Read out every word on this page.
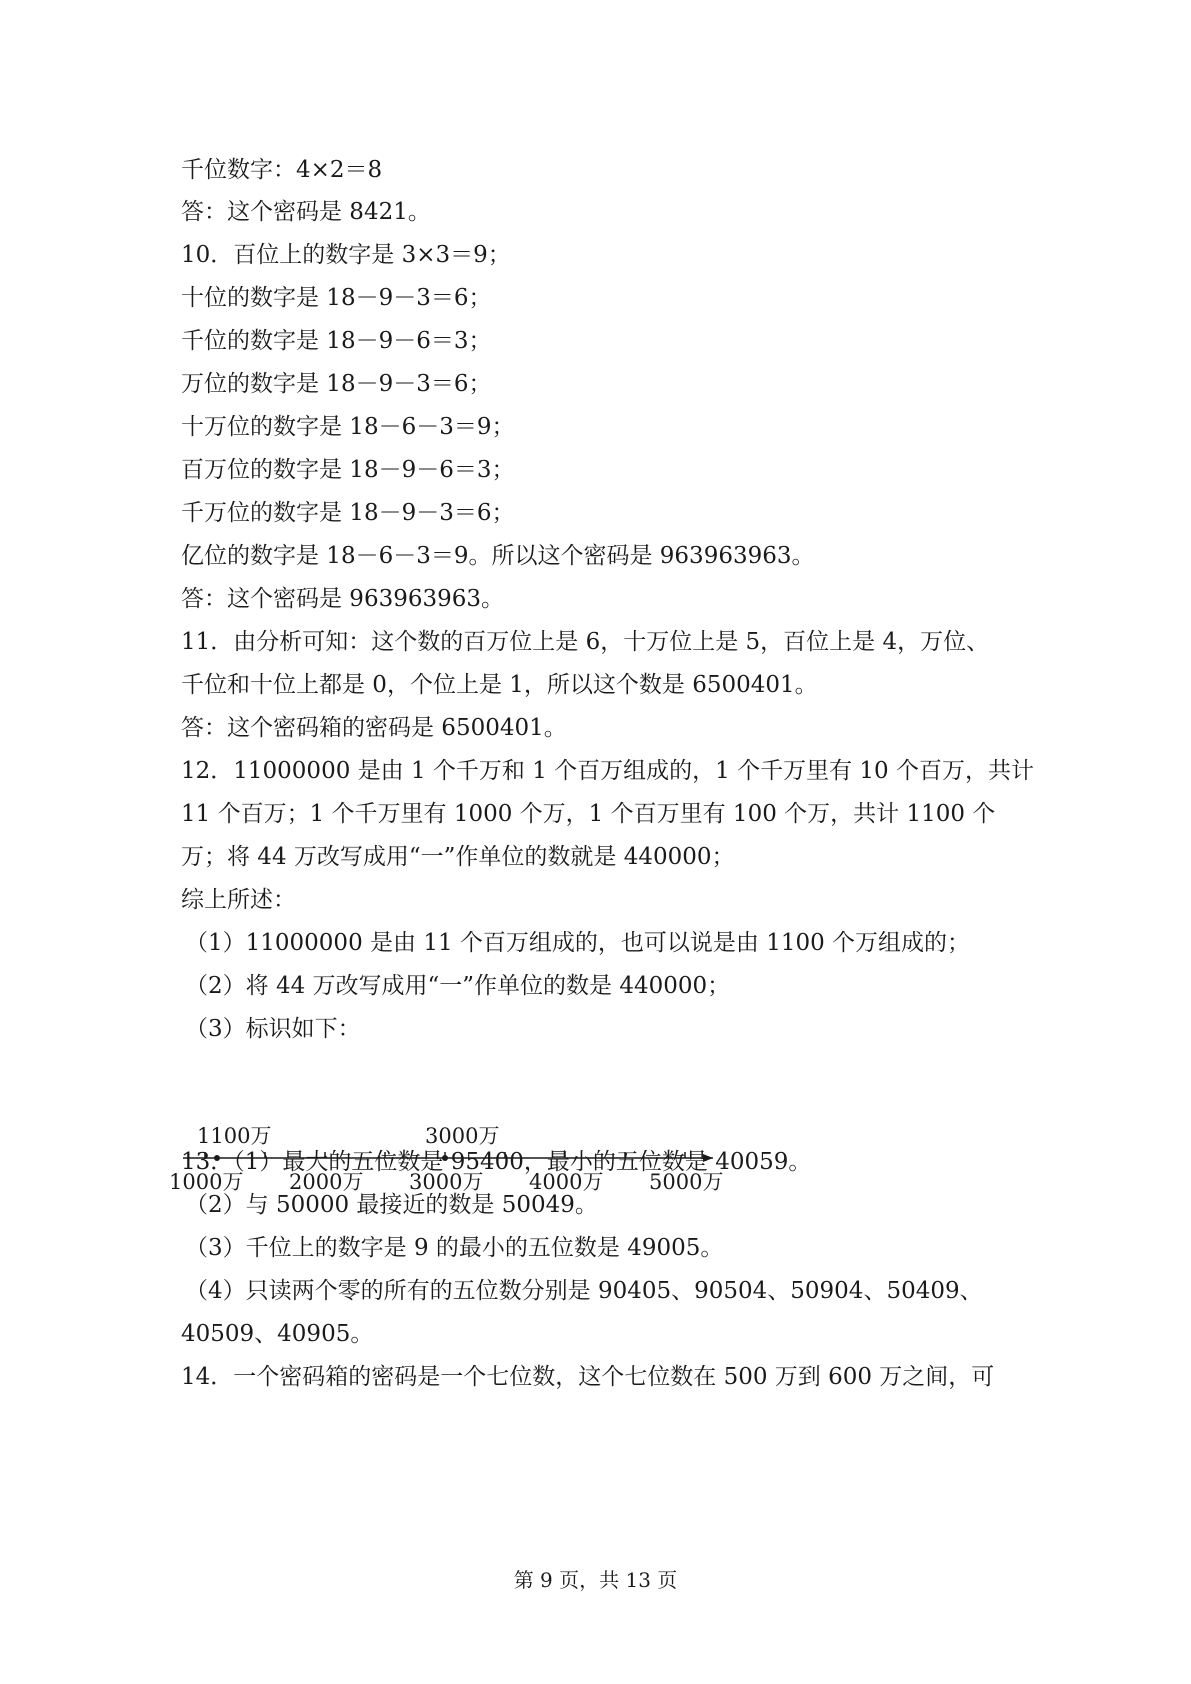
千位数字：4×2＝8
答：这个密码是 8421。
10．百位上的数字是 3×3＝9；
十位的数字是 18－9－3＝6；
千位的数字是 18－9－6＝3；
万位的数字是 18－9－3＝6；
十万位的数字是 18－6－3＝9；
百万位的数字是 18－9－6＝3；
千万位的数字是 18－9－3＝6；
亿位的数字是 18－6－3＝9。所以这个密码是 963963963。
答：这个密码是 963963963。
11．由分析可知：这个数的百万位上是 6，十万位上是 5，百位上是 4，万位、
千位和十位上都是 0，个位上是 1，所以这个数是 6500401。
答：这个密码箱的密码是 6500401。
12．11000000 是由 1 个千万和 1 个百万组成的，1 个千万里有 10 个百万，共计
11 个百万；1 个千万里有 1000 个万，1 个百万里有 100 个万，共计 1100 个
万；将 44 万改写成用“一”作单位的数就是 440000；
综上所述：
（1）11000000 是由 11 个百万组成的，也可以说是由 1100 个万组成的；
（2）将 44 万改写成用“一”作单位的数是 440000；
（3）标识如下：
1000万 2000万 3000万 4000万 5000万
1100万	3000万
13．（1）最大的五位数是 95400，最小的五位数是 40059。
（2）与 50000 最接近的数是 50049。
（3）千位上的数字是 9 的最小的五位数是 49005。
（4）只读两个零的所有的五位数分别是 90405、90504、50904、50409、
40509、40905。
14．一个密码箱的密码是一个七位数，这个七位数在 500 万到 600 万之间，可
第 9 页，共 13 页
